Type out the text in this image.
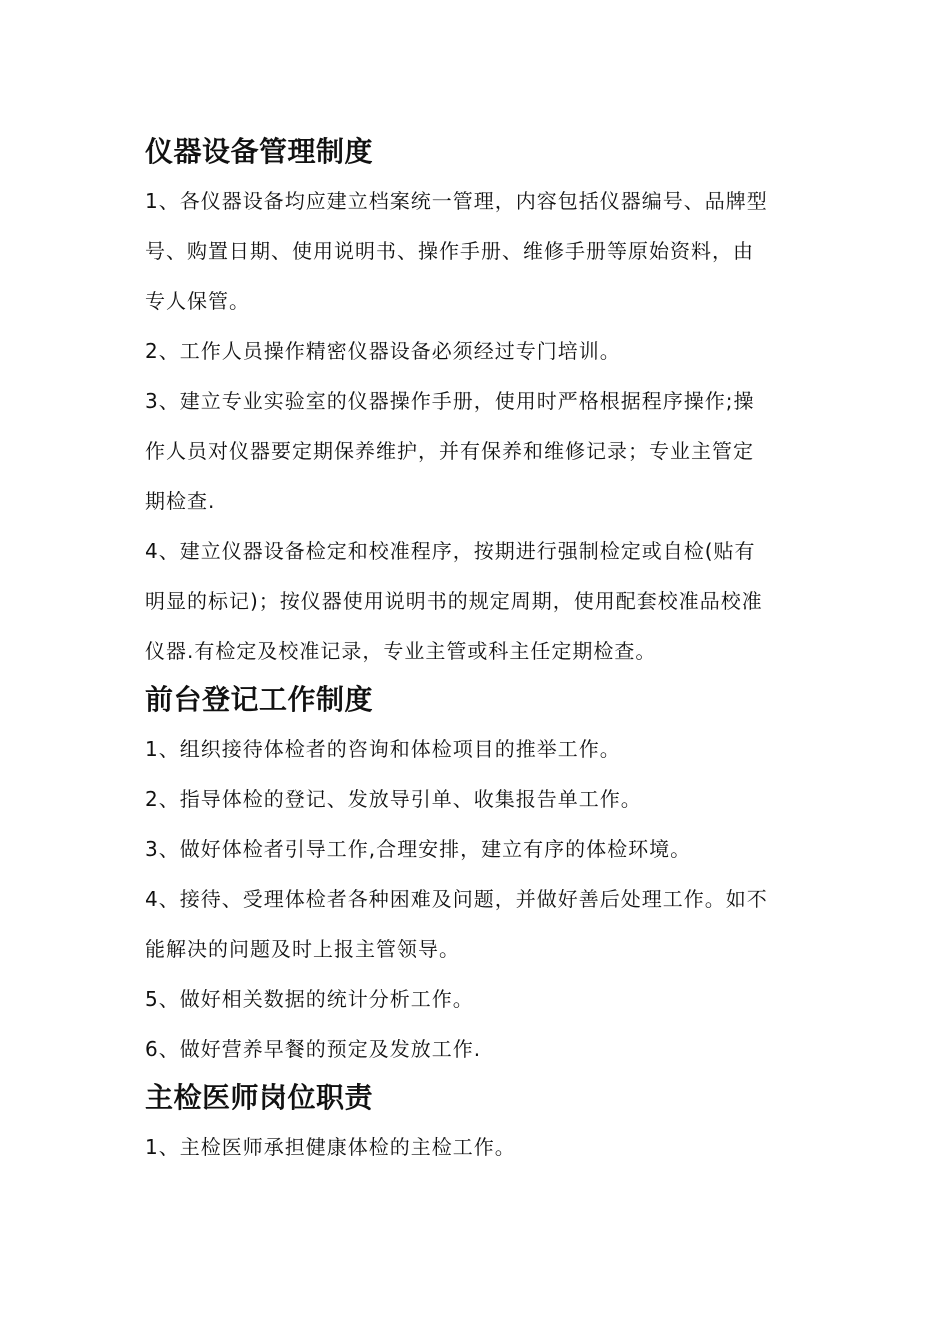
仪器设备管理制度

1、各仪器设备均应建立档案统一管理，内容包括仪器编号、品牌型
号、购置日期、使用说明书、操作手册、维修手册等原始资料，由
专人保管。

2、工作人员操作精密仪器设备必须经过专门培训。

3、建立专业实验室的仪器操作手册，使用时严格根据程序操作;操
作人员对仪器要定期保养维护，并有保养和维修记录；专业主管定
期检查.

4、建立仪器设备检定和校准程序，按期进行强制检定或自检(贴有
明显的标记)；按仪器使用说明书的规定周期，使用配套校准品校准
仪器.有检定及校准记录，专业主管或科主任定期检查。

前台登记工作制度

1、组织接待体检者的咨询和体检项目的推举工作。

2、指导体检的登记、发放导引单、收集报告单工作。

3、做好体检者引导工作,合理安排，建立有序的体检环境。

4、接待、受理体检者各种困难及问题，并做好善后处理工作。如不
能解决的问题及时上报主管领导。

5、做好相关数据的统计分析工作。

6、做好营养早餐的预定及发放工作.

主检医师岗位职责

1、主检医师承担健康体检的主检工作。
